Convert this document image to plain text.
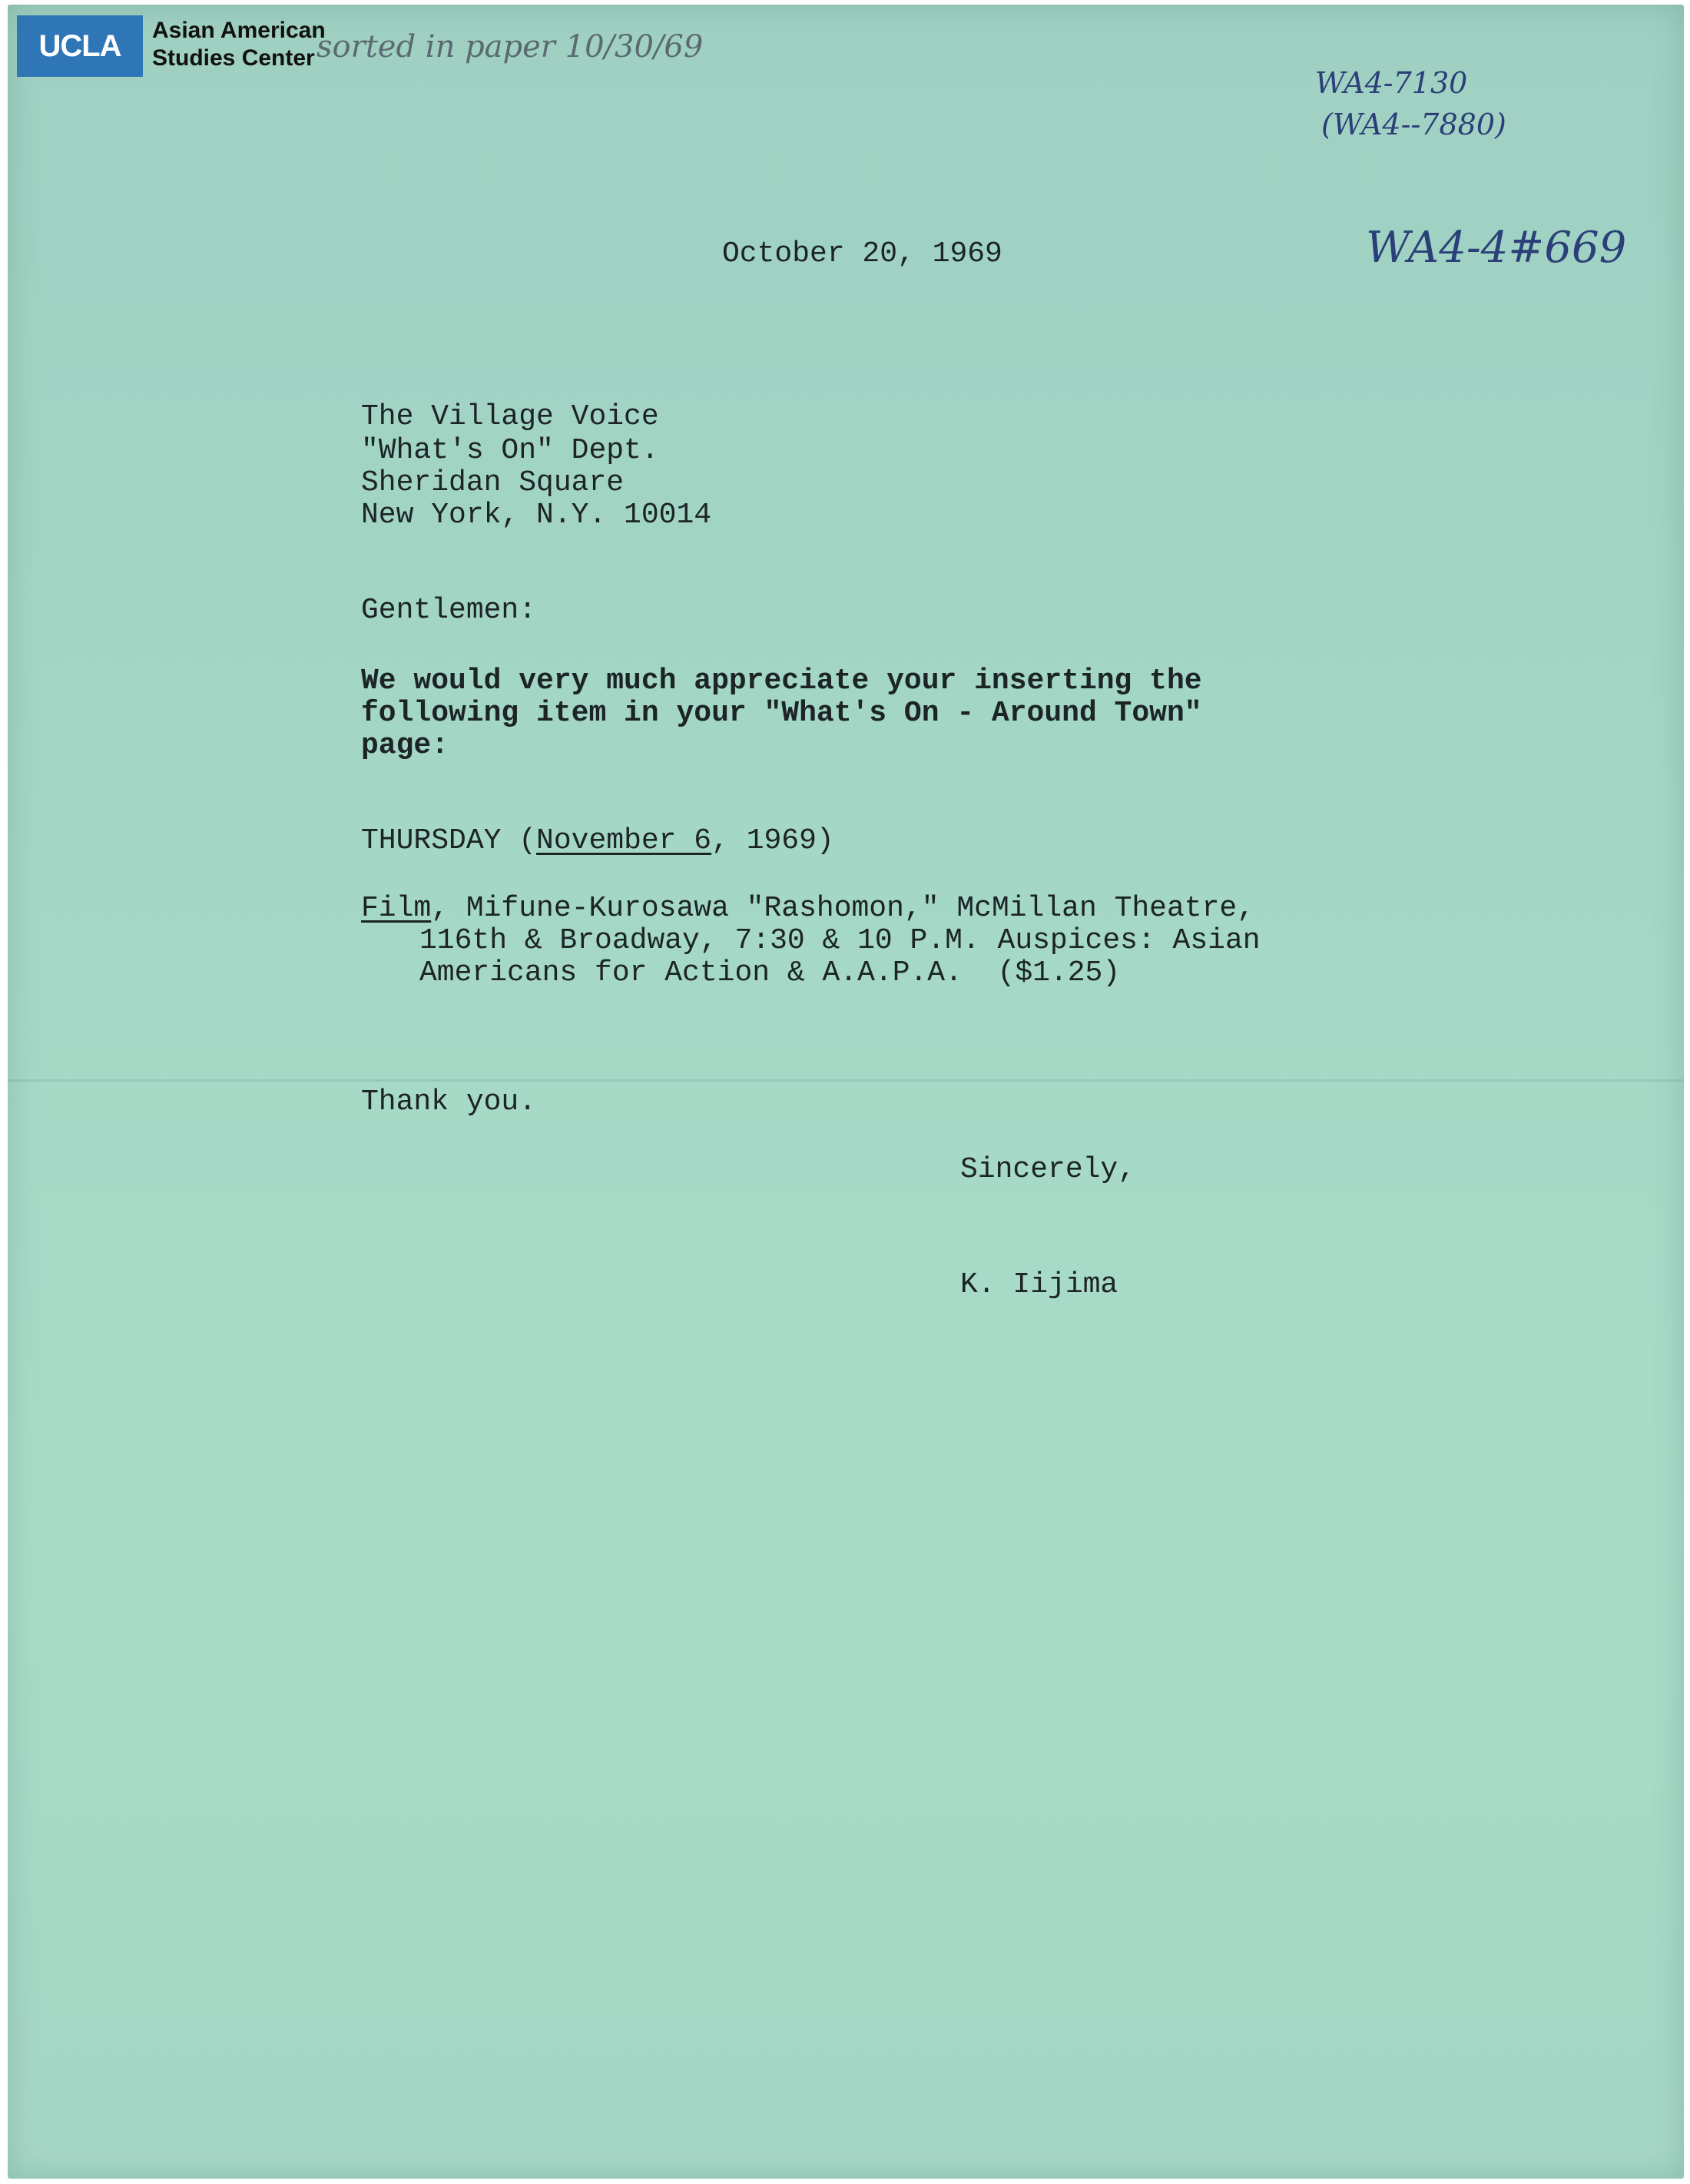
UCLA Asian American
Studies Center sorted in paper 10/30/69
WA4-7130
(WA4--7880)
WA4-4#669
October 20, 1969
The Village Voice
"What's On" Dept.
Sheridan Square
New York, N.Y. 10014
Gentlemen:
We would very much appreciate your inserting the
following item in your "What's On - Around Town"
page:
THURSDAY (November 6, 1969)
Film, Mifune-Kurosawa "Rashomon," McMillan Theatre,
116th & Broadway, 7:30 & 10 P.M. Auspices: Asian
Americans for Action & A.A.P.A.  ($1.25)
Thank you.
Sincerely,
K. Iijima
